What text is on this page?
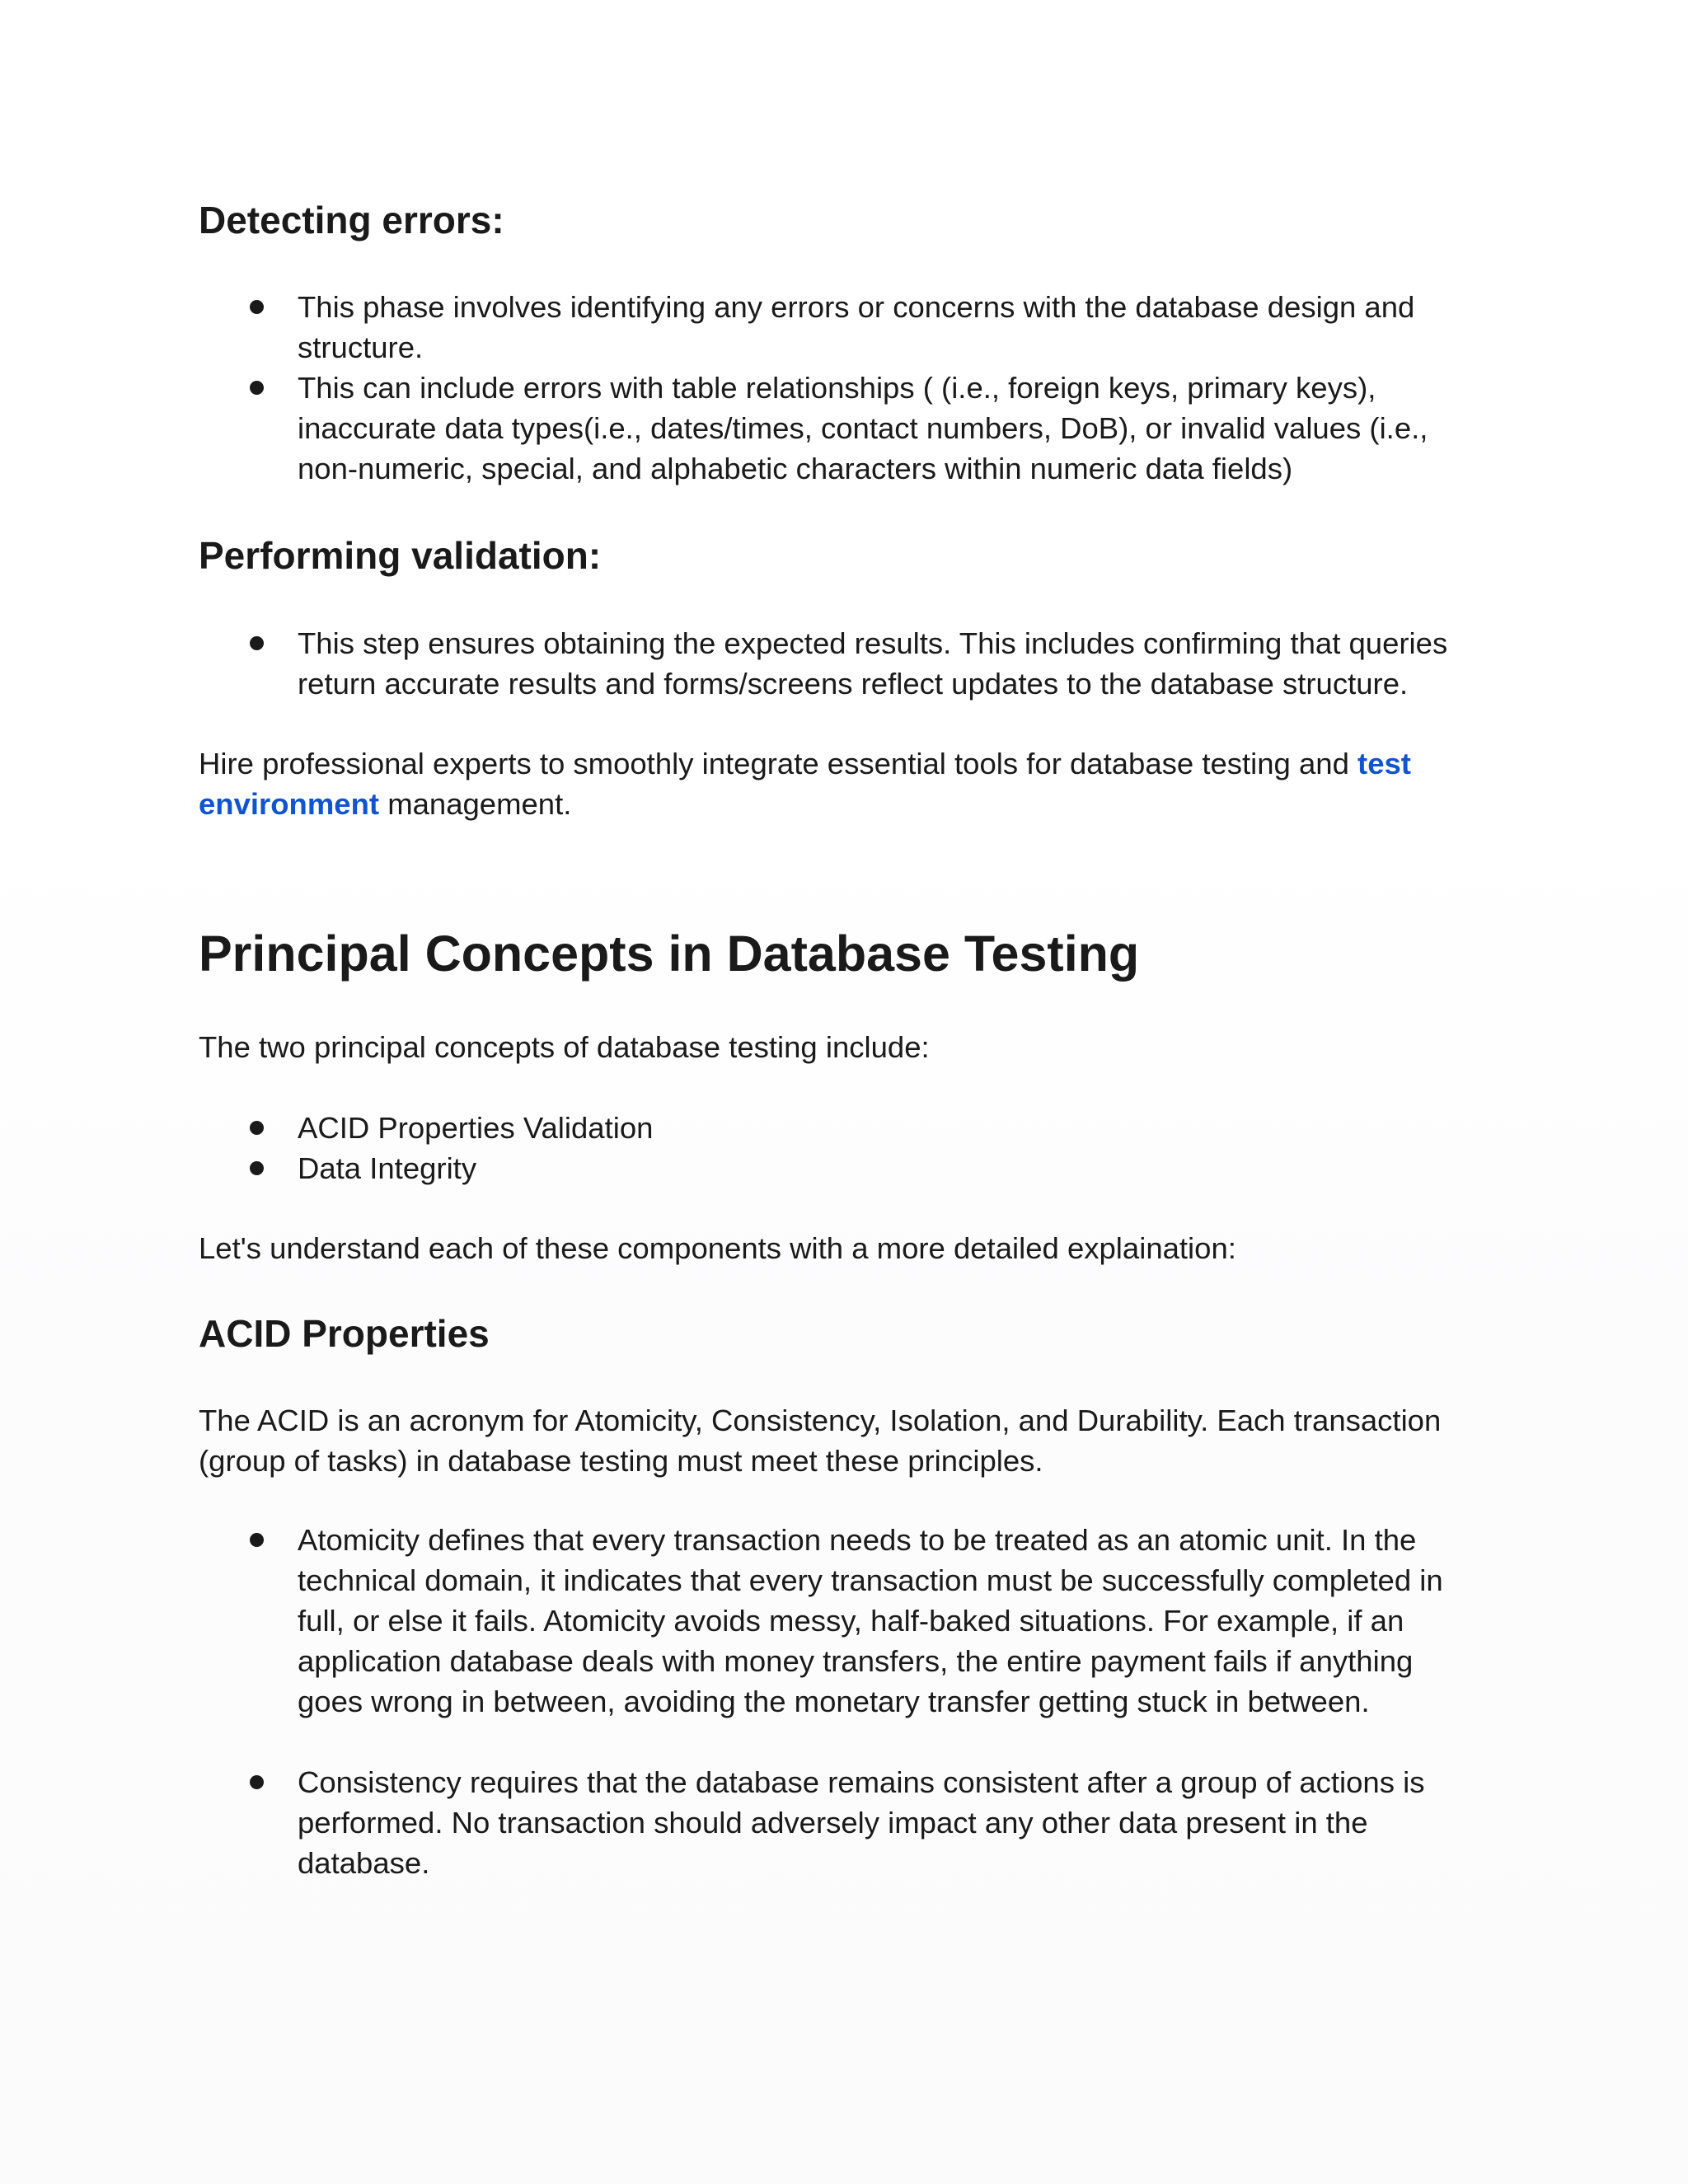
Detecting errors:
This phase involves identifying any errors or concerns with the database design and structure.
This can include errors with table relationships ( (i.e., foreign keys, primary keys), inaccurate data types(i.e., dates/times, contact numbers, DoB), or invalid values (i.e., non-numeric, special, and alphabetic characters within numeric data fields)
Performing validation:
This step ensures obtaining the expected results. This includes confirming that queries return accurate results and forms/screens reflect updates to the database structure.

Hire professional experts to smoothly integrate essential tools for database testing and test environment management.

Principal Concepts in Database Testing

The two principal concepts of database testing include:

ACID Properties Validation
Data Integrity

Let's understand each of these components with a more detailed explaination:

ACID Properties

The ACID is an acronym for Atomicity, Consistency, Isolation, and Durability. Each transaction (group of tasks) in database testing must meet these principles.

Atomicity defines that every transaction needs to be treated as an atomic unit. In the technical domain, it indicates that every transaction must be successfully completed in full, or else it fails. Atomicity avoids messy, half-baked situations. For example, if an application database deals with money transfers, the entire payment fails if anything goes wrong in between, avoiding the monetary transfer getting stuck in between.
Consistency requires that the database remains consistent after a group of actions is performed. No transaction should adversely impact any other data present in the database.
